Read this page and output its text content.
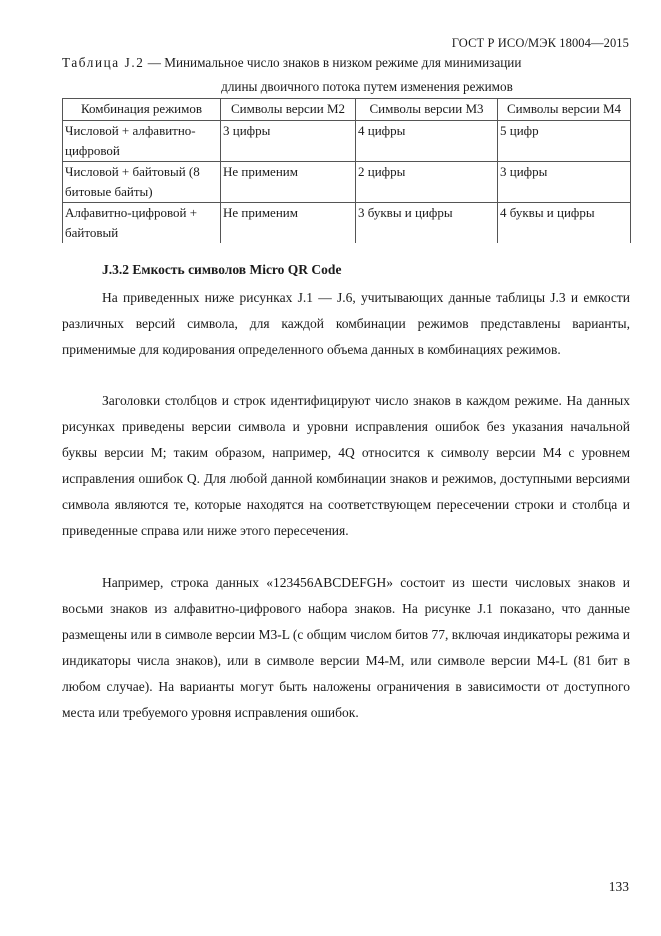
ГОСТ Р ИСО/МЭК 18004—2015
Таблица J.2 — Минимальное число знаков в низком режиме для минимизации
длины двоичного потока путем изменения режимов
Комбинация режимов	Символы версии M2	Символы версии M3	Символы версии M4
Числовой + алфавитно-цифровой	3 цифры	4 цифры	5 цифр
Числовой + байтовый (8 битовые байты)	Не применим	2 цифры	3 цифры
Алфавитно-цифровой + байтовый	Не применим	3 буквы и цифры	4 буквы и цифры
J.3.2 Емкость символов Micro QR Code

На приведенных ниже рисунках J.1 — J.6, учитывающих данные таблицы J.3 и емкости различных версий символа, для каждой комбинации режимов представлены варианты, применимые для кодирования определенного объема данных в комбинациях режимов.

Заголовки столбцов и строк идентифицируют число знаков в каждом режиме. На данных рисунках приведены версии символа и уровни исправления ошибок без указания начальной буквы версии M; таким образом, например, 4Q относится к символу версии M4 с уровнем исправления ошибок Q. Для любой данной комбинации знаков и режимов, доступными версиями символа являются те, которые находятся на соответствующем пересечении строки и столбца и приведенные справа или ниже этого пересечения.

Например, строка данных «123456ABCDEFGH» состоит из шести числовых знаков и восьми знаков из алфавитно-цифрового набора знаков. На рисунке J.1 показано, что данные размещены или в символе версии M3-L (с общим числом битов 77, включая индикаторы режима и индикаторы числа знаков), или в символе версии M4-M, или символе версии M4-L (81 бит в любом случае). На варианты могут быть наложены ограничения в зависимости от доступного места или требуемого уровня исправления ошибок.

133
